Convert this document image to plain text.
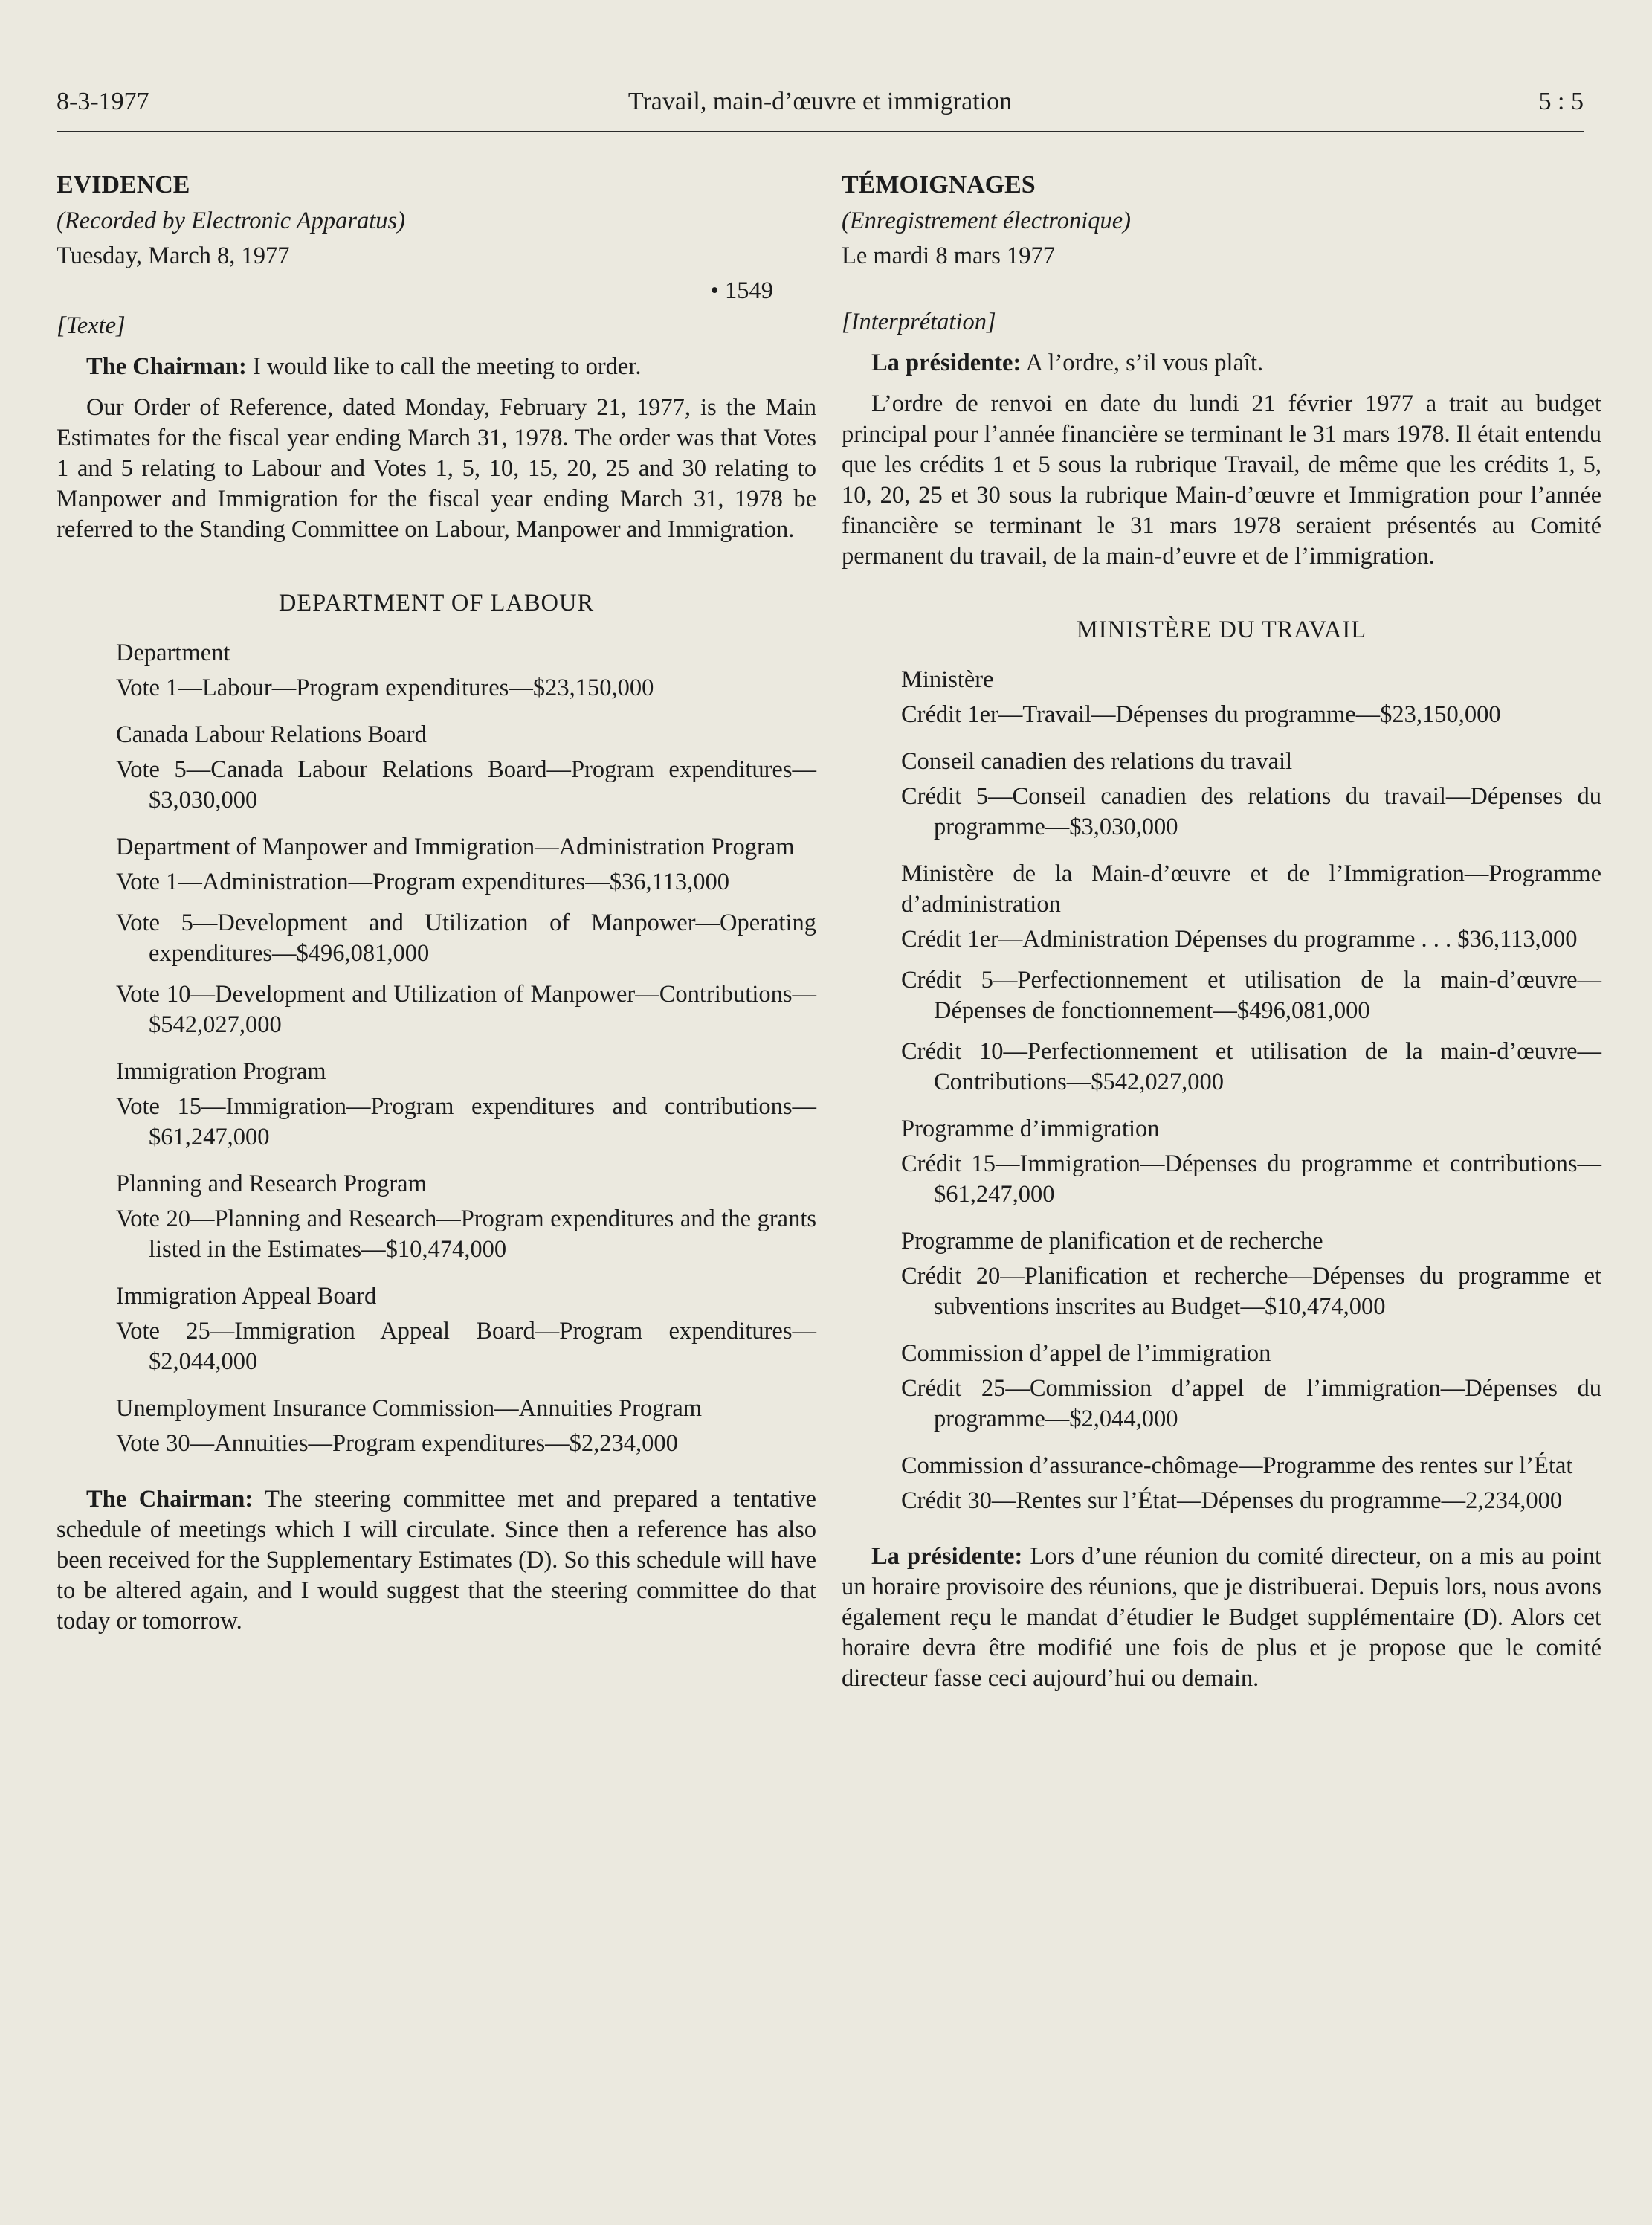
8-3-1977	Travail, main-d’œuvre et immigration	5 : 5
EVIDENCE
(Recorded by Electronic Apparatus)
Tuesday, March 8, 1977
• 1549
[Texte]
The Chairman: I would like to call the meeting to order.
Our Order of Reference, dated Monday, February 21, 1977, is the Main Estimates for the fiscal year ending March 31, 1978. The order was that Votes 1 and 5 relating to Labour and Votes 1, 5, 10, 15, 20, 25 and 30 relating to Manpower and Immigration for the fiscal year ending March 31, 1978 be referred to the Standing Committee on Labour, Manpower and Immigration.
DEPARTMENT OF LABOUR
Department
Vote 1—Labour—Program expenditures—$23,150,000
Canada Labour Relations Board
Vote 5—Canada Labour Relations Board—Program expenditures—$3,030,000
Department of Manpower and Immigration—Administration Program
Vote 1—Administration—Program expenditures—$36,113,000
Vote 5—Development and Utilization of Manpower—Operating expenditures—$496,081,000
Vote 10—Development and Utilization of Manpower—Contributions—$542,027,000
Immigration Program
Vote 15—Immigration—Program expenditures and contributions—$61,247,000
Planning and Research Program
Vote 20—Planning and Research—Program expenditures and the grants listed in the Estimates—$10,474,000
Immigration Appeal Board
Vote 25—Immigration Appeal Board—Program expenditures—$2,044,000
Unemployment Insurance Commission—Annuities Program
Vote 30—Annuities—Program expenditures—$2,234,000
The Chairman: The steering committee met and prepared a tentative schedule of meetings which I will circulate. Since then a reference has also been received for the Supplementary Estimates (D). So this schedule will have to be altered again, and I would suggest that the steering committee do that today or tomorrow.
TÉMOIGNAGES
(Enregistrement électronique)
Le mardi 8 mars 1977
[Interprétation]
La présidente: A l’ordre, s’il vous plaît.
L’ordre de renvoi en date du lundi 21 février 1977 a trait au budget principal pour l’année financière se terminant le 31 mars 1978. Il était entendu que les crédits 1 et 5 sous la rubrique Travail, de même que les crédits 1, 5, 10, 20, 25 et 30 sous la rubrique Main-d’œuvre et Immigration pour l’année financière se terminant le 31 mars 1978 seraient présentés au Comité permanent du travail, de la main-d’euvre et de l’immigration.
MINISTÈRE DU TRAVAIL
Ministère
Crédit 1er—Travail—Dépenses du programme—$23,150,000
Conseil canadien des relations du travail
Crédit 5—Conseil canadien des relations du travail—Dépenses du programme—$3,030,000
Ministère de la Main-d’œuvre et de l’Immigration—Programme d’administration
Crédit 1er—Administration Dépenses du programme . . . $36,113,000
Crédit 5—Perfectionnement et utilisation de la main-d’œuvre—Dépenses de fonctionnement—$496,081,000
Crédit 10—Perfectionnement et utilisation de la main-d’œuvre—Contributions—$542,027,000
Programme d’immigration
Crédit 15—Immigration—Dépenses du programme et contributions—$61,247,000
Programme de planification et de recherche
Crédit 20—Planification et recherche—Dépenses du programme et subventions inscrites au Budget—$10,474,000
Commission d’appel de l’immigration
Crédit 25—Commission d’appel de l’immigration—Dépenses du programme—$2,044,000
Commission d’assurance-chômage—Programme des rentes sur l’État
Crédit 30—Rentes sur l’État—Dépenses du programme—2,234,000
La présidente: Lors d’une réunion du comité directeur, on a mis au point un horaire provisoire des réunions, que je distribuerai. Depuis lors, nous avons également reçu le mandat d’étudier le Budget supplémentaire (D). Alors cet horaire devra être modifié une fois de plus et je propose que le comité directeur fasse ceci aujourd’hui ou demain.
